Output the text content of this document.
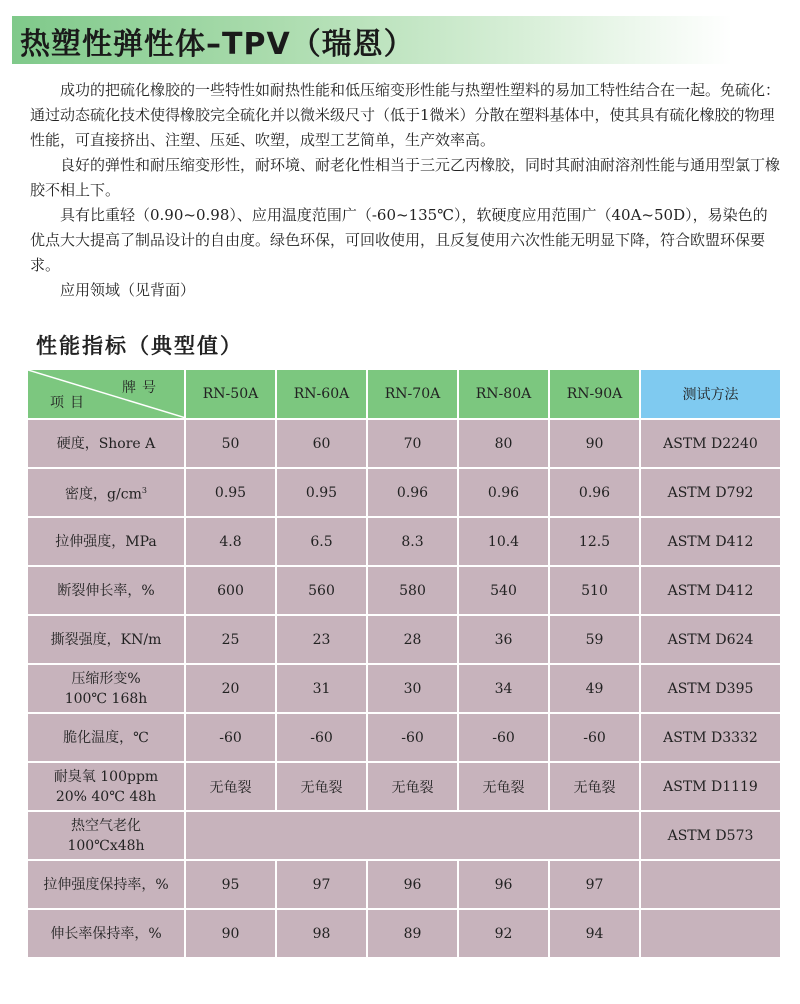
热塑性弹性体–TPV（瑞恩）

成功的把硫化橡胶的一些特性如耐热性能和低压缩变形性能与热塑性塑料的易加工特性结合在一起。免硫化：通过动态硫化技术使得橡胶完全硫化并以微米级尺寸（低于1微米）分散在塑料基体中，使其具有硫化橡胶的物理性能，可直接挤出、注塑、压延、吹塑，成型工艺简单，生产效率高。

良好的弹性和耐压缩变形性，耐环境、耐老化性相当于三元乙丙橡胶，同时其耐油耐溶剂性能与通用型氯丁橡胶不相上下。

具有比重轻（0.90~0.98）、应用温度范围广（-60~135℃），软硬度应用范围广（40A~50D），易染色的优点大大提高了制品设计的自由度。绿色环保，可回收使用，且反复使用六次性能无明显下降，符合欧盟环保要求。

应用领域（见背面）

性能指标（典型值）
牌号
项目	RN-50A	RN-60A	RN-70A	RN-80A	RN-90A	测试方法
硬度，Shore A	50	60	70	80	90	ASTM D2240
密度，$g/cm^3$	0.95	0.95	0.96	0.96	0.96	ASTM D792
拉伸强度，MPa	4.8	6.5	8.3	10.4	12.5	ASTM D412
断裂伸长率，%	600	560	580	540	510	ASTM D412
撕裂强度，KN/m	25	23	28	36	59	ASTM D624
压缩形变%
100℃ 168h	20	31	30	34	49	ASTM D395
脆化温度，℃	-60	-60	-60	-60	-60	ASTM D3332
耐臭氧 100ppm
20% 40℃ 48h	无龟裂	无龟裂	无龟裂	无龟裂	无龟裂	ASTM D1119
热空气老化
100℃x48h						ASTM D573
拉伸强度保持率，%	95	97	96	96	97	
伸长率保持率，%	90	98	89	92	94	
